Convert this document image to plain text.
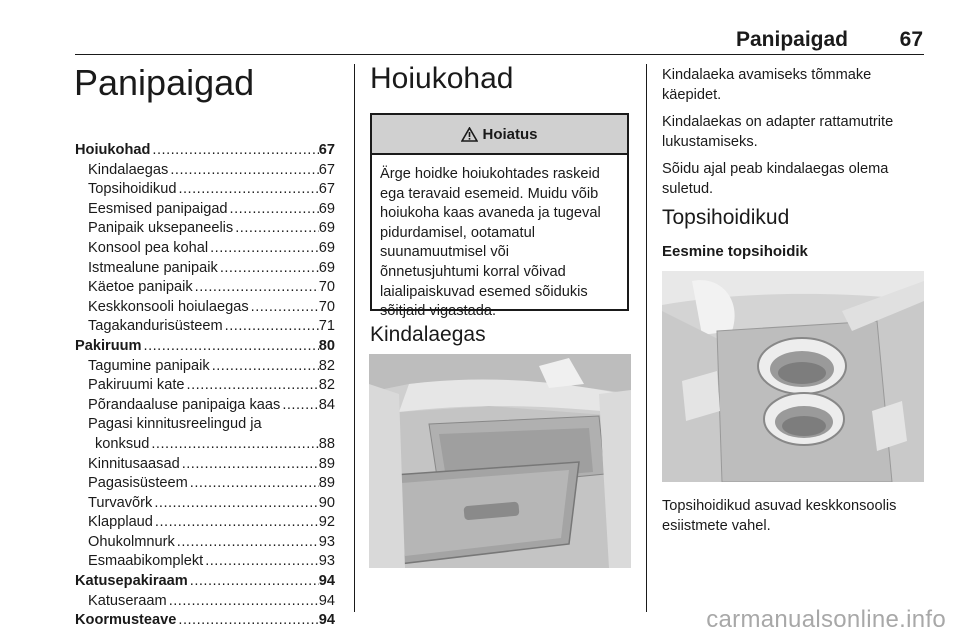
Panipaigad 67
Panipaigad
Hoiukohad .....	67
Kindalaegas .....	67
Topsihoidikud .....	67
Eesmised panipaigad .....	69
Panipaik uksepaneelis .....	69
Konsool pea kohal .....	69
Istmealune panipaik .....	69
Käetoe panipaik .....	70
Keskkonsooli hoiulaegas .....	70
Tagakandurisüsteem .....	71
Pakiruum .....	80
Tagumine panipaik .....	82
Pakiruumi kate .....	82
Põrandaaluse panipaiga kaas .....	84
Pagasi kinnitusreelingud ja
konksud .....	88
Kinnitusaasad .....	89
Pagasisüsteem .....	89
Turvavõrk .....	90
Klapplaud .....	92
Ohukolmnurk .....	93
Esmaabikomplekt .....	93
Katusepakiraam .....	94
Katuseraam .....	94
Koormusteave .....	94
Hoiukohad
Hoiatus
Ärge hoidke hoiukohtades raskeid
ega teravaid esemeid. Muidu võib
hoiukoha kaas avaneda ja tugeval
pidurdamisel, ootamatul
suunamuutmisel või
õnnetusjuhtumi korral võivad
laialipaiskuvad esemed sõidukis
sõitjaid vigastada.
Kindalaegas

Kindalaeka avamiseks tõmmake
käepidet.

Kindalaekas on adapter rattamutrite
lukustamiseks.

Sõidu ajal peab kindalaegas olema
suletud.

Topsihoidikud
Eesmine topsihoidik
Topsihoidikud asuvad keskkonsoolis
esiistmete vahel.
carmanualsonline.info
